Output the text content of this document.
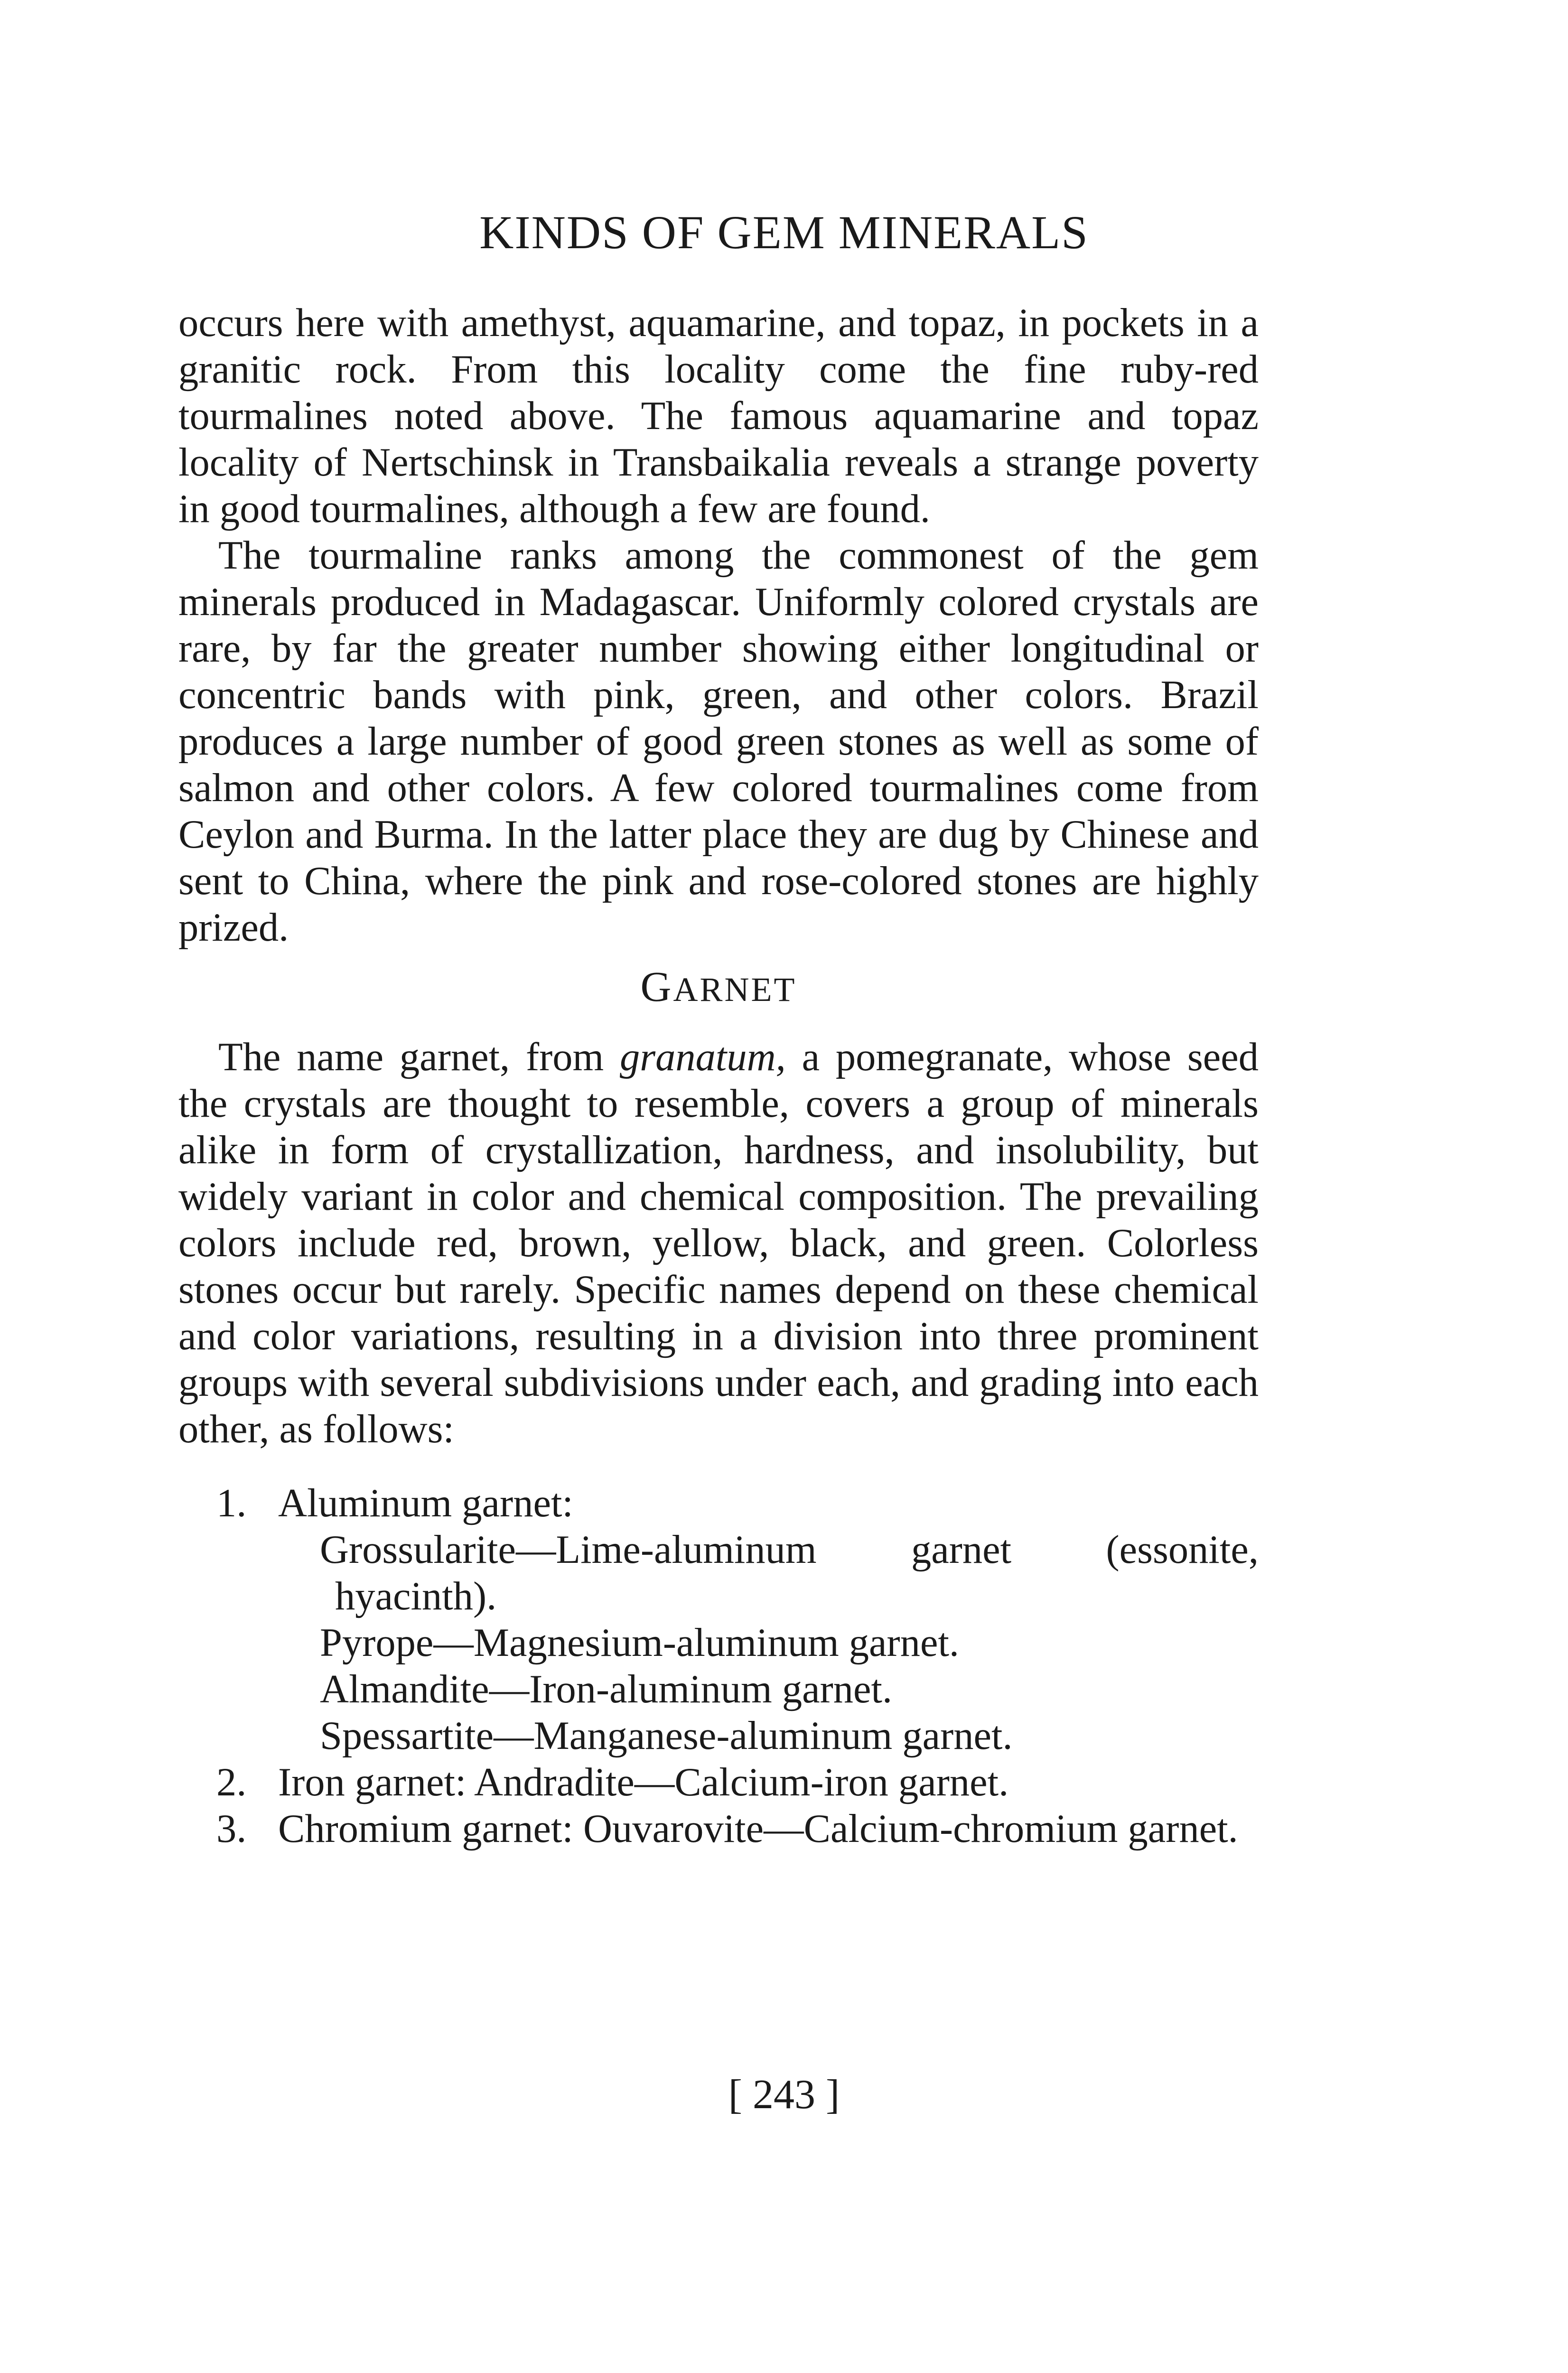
KINDS OF GEM MINERALS

occurs here with amethyst, aquamarine, and topaz, in pockets in a granitic rock. From this locality come the fine ruby-red tourmalines noted above. The famous aquamarine and topaz locality of Nertschinsk in Transbaikalia reveals a strange poverty in good tourmalines, although a few are found.

The tourmaline ranks among the commonest of the gem minerals produced in Madagascar. Uniformly colored crystals are rare, by far the greater number showing either longitudinal or concentric bands with pink, green, and other colors. Brazil produces a large number of good green stones as well as some of salmon and other colors. A few colored tourmalines come from Ceylon and Burma. In the latter place they are dug by Chinese and sent to China, where the pink and rose-colored stones are highly prized.

GARNET

The name garnet, from granatum, a pomegranate, whose seed the crystals are thought to resemble, covers a group of minerals alike in form of crystallization, hardness, and insolubility, but widely variant in color and chemical composition. The prevailing colors include red, brown, yellow, black, and green. Colorless stones occur but rarely. Specific names depend on these chemical and color variations, resulting in a division into three prominent groups with several subdivisions under each, and grading into each other, as follows:

1. Aluminum garnet:

Grossularite—Lime-aluminum garnet (essonite, hyacinth).

Pyrope—Magnesium-aluminum garnet.

Almandite—Iron-aluminum garnet.

Spessartite—Manganese-aluminum garnet.

2. Iron garnet: Andradite—Calcium-iron garnet.

3. Chromium garnet: Ouvarovite—Calcium-chromium garnet.

[ 243 ]
